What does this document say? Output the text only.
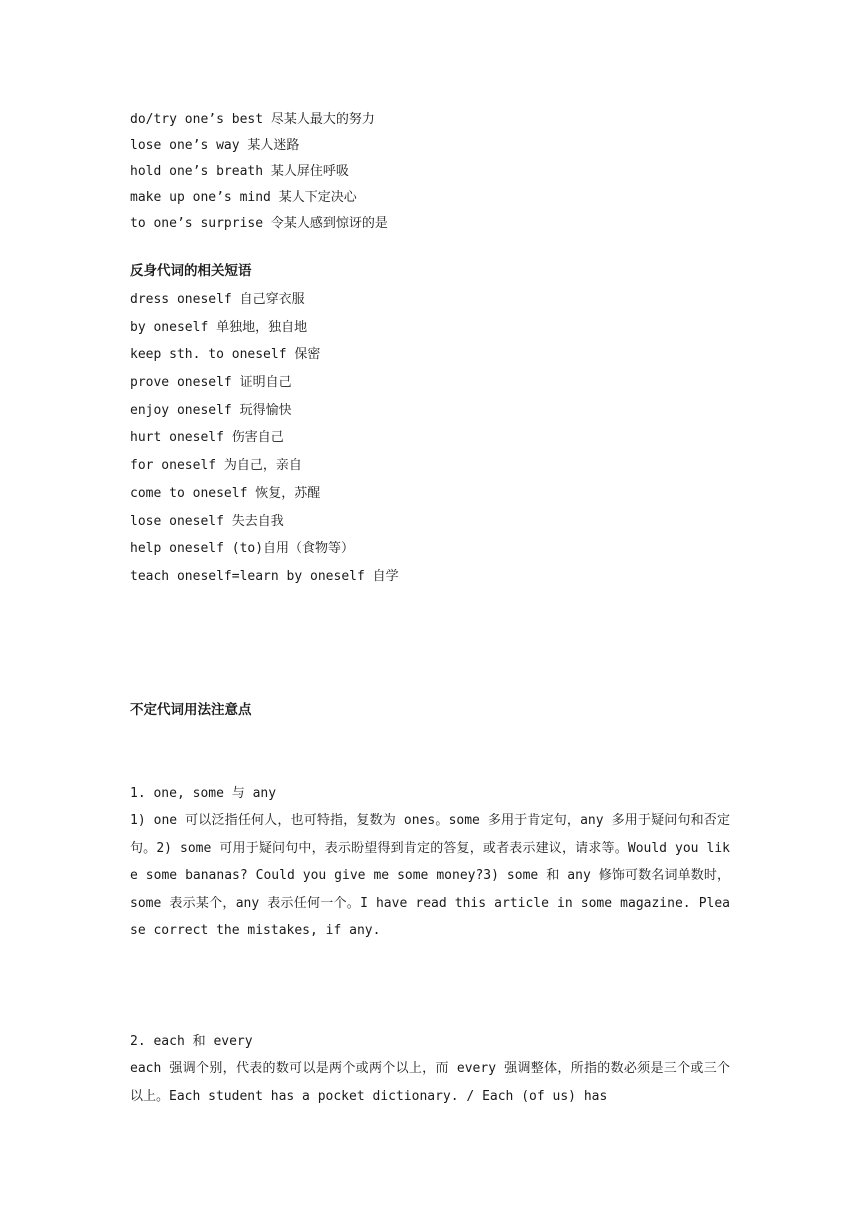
do/try one’s best 尽某人最大的努力
lose one’s way 某人迷路
hold one’s breath 某人屏住呼吸
make up one’s mind 某人下定决心
to one’s surprise 令某人感到惊讶的是
反身代词的相关短语
dress oneself 自己穿衣服
by oneself 单独地，独自地
keep sth. to oneself 保密
prove oneself 证明自己
enjoy oneself 玩得愉快
hurt oneself 伤害自己
for oneself 为自己，亲自
come to oneself 恢复，苏醒
lose oneself 失去自我
help oneself (to)自用（食物等）
teach oneself=learn by oneself 自学
不定代词用法注意点
1. one, some 与 any
1) one 可以泛指任何人，也可特指，复数为 ones。some 多用于肯定句，any 多用于疑问句和否定句。2) some 可用于疑问句中，表示盼望得到肯定的答复，或者表示建议，请求等。Would you like some bananas? Could you give me some money?3) some 和 any 修饰可数名词单数时，some 表示某个，any 表示任何一个。I have read this article in some magazine. Please correct the mistakes, if any.
2. each 和 every
each 强调个别，代表的数可以是两个或两个以上，而 every 强调整体，所指的数必须是三个或三个以上。Each student has a pocket dictionary. / Each (of us) has
